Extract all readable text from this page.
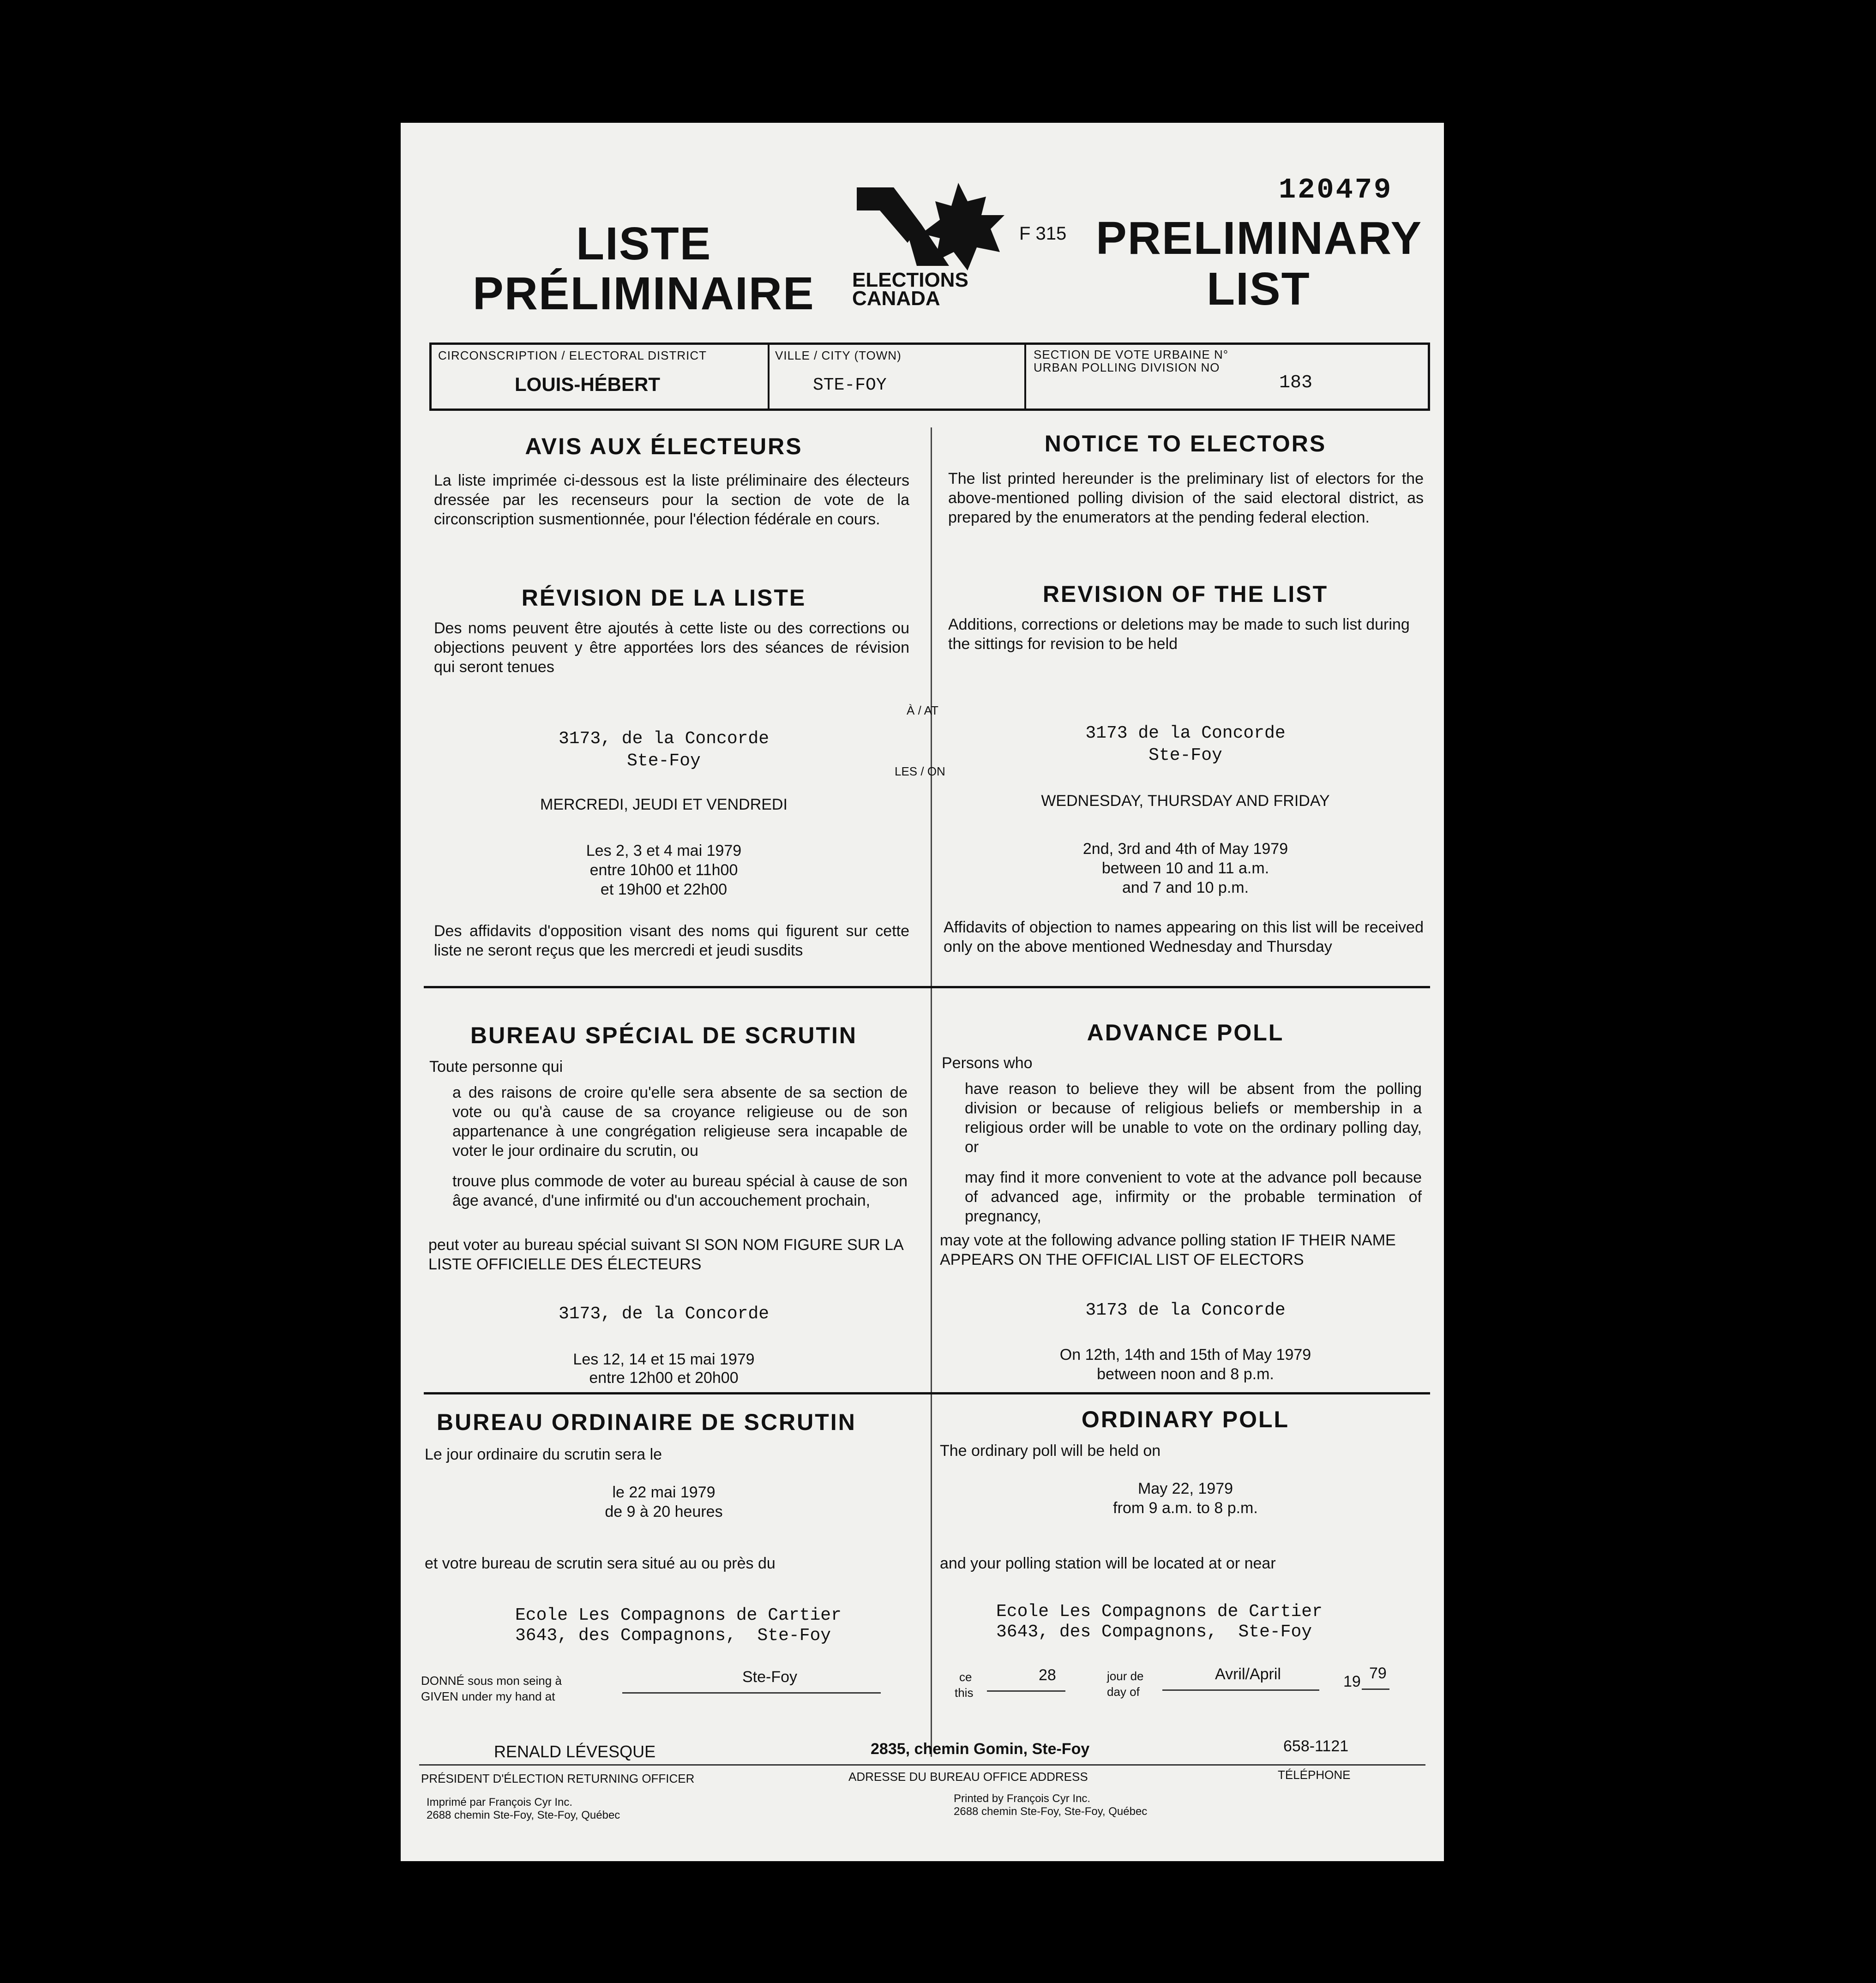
120479
LISTE
PRÉLIMINAIRE ELECTIONS
CANADA
F 315 PRELIMINARY
LIST
CIRCONSCRIPTION / ELECTORAL DISTRICT
LOUIS-HÉBERT
VILLE / CITY (TOWN)
STE-FOY
SECTION DE VOTE URBAINE N°
URBAN POLLING DIVISION NO
183
AVIS AUX ÉLECTEURS
La liste imprimée ci-dessous est la liste préliminaire des électeurs dressée par les recenseurs pour la section de vote de la circonscription susmentionnée, pour l'élection fédérale en cours.
NOTICE TO ELECTORS
The list printed hereunder is the preliminary list of electors for the above-mentioned polling division of the said electoral district, as prepared by the enumerators at the pending federal election.
RÉVISION DE LA LISTE
Des noms peuvent être ajoutés à cette liste ou des corrections ou objections peuvent y être apportées lors des séances de révision qui seront tenues
REVISION OF THE LIST
Additions, corrections or deletions may be made to such list during the sittings for revision to be held
À / AT
LES / ON
3173, de la Concorde
Ste-Foy
3173 de la Concorde
Ste-Foy
MERCREDI, JEUDI ET VENDREDI	WEDNESDAY, THURSDAY AND FRIDAY
Les 2, 3 et 4 mai 1979
entre 10h00 et 11h00
et 19h00 et 22h00
2nd, 3rd and 4th of May 1979
between 10 and 11 a.m.
and 7 and 10 p.m.
Des affidavits d'opposition visant des noms qui figurent sur cette liste ne seront reçus que les mercredi et jeudi susdits
Affidavits of objection to names appearing on this list will be received only on the above mentioned Wednesday and Thursday
BUREAU SPÉCIAL DE SCRUTIN
Toute personne qui
a des raisons de croire qu'elle sera absente de sa section de vote ou qu'à cause de sa croyance religieuse ou de son appartenance à une congrégation religieuse sera incapable de voter le jour ordinaire du scrutin, ou
trouve plus commode de voter au bureau spécial à cause de son âge avancé, d'une infirmité ou d'un accouchement prochain,
peut voter au bureau spécial suivant SI SON NOM FIGURE SUR LA LISTE OFFICIELLE DES ÉLECTEURS
3173, de la Concorde
Les 12, 14 et 15 mai 1979
entre 12h00 et 20h00
ADVANCE POLL
Persons who
have reason to believe they will be absent from the polling division or because of religious beliefs or membership in a religious order will be unable to vote on the ordinary polling day, or
may find it more convenient to vote at the advance poll because of advanced age, infirmity or the probable termination of pregnancy,
may vote at the following advance polling station IF THEIR NAME APPEARS ON THE OFFICIAL LIST OF ELECTORS
3173 de la Concorde
On 12th, 14th and 15th of May 1979
between noon and 8 p.m.
BUREAU ORDINAIRE DE SCRUTIN
Le jour ordinaire du scrutin sera le
le 22 mai 1979
de 9 à 20 heures
et votre bureau de scrutin sera situé au ou près du
Ecole Les Compagnons de Cartier
3643, des Compagnons,  Ste-Foy
ORDINARY POLL
The ordinary poll will be held on
May 22, 1979
from 9 a.m. to 8 p.m.
and your polling station will be located at or near
Ecole Les Compagnons de Cartier
3643, des Compagnons,  Ste-Foy
DONNÉ sous mon seing à
GIVEN under my hand at
Ste-Foy	ce
this
28	jour de
day of
Avril/April	19 79
RENALD LÉVESQUE	2835, chemin Gomin, Ste-Foy	658-1121
PRÉSIDENT D'ÉLECTION RETURNING OFFICER	ADRESSE DU BUREAU OFFICE ADDRESS	TÉLÉPHONE
Imprimé par François Cyr Inc.
2688 chemin Ste-Foy, Ste-Foy, Québec
Printed by François Cyr Inc.
2688 chemin Ste-Foy, Ste-Foy, Québec
